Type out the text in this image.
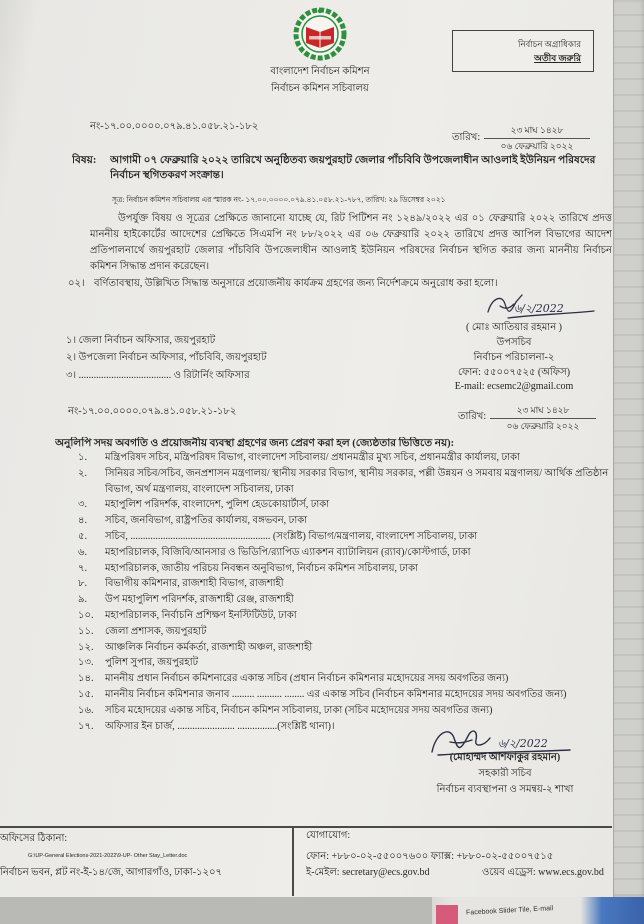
বাংলাদেশ নির্বাচন কমিশন
নির্বাচন কমিশন সচিবালয়
নির্বাচন অগ্রাধিকার
অতীব জরুরি
নং-১৭.০০.০০০০.০৭৯.৪১.০৫৮.২১-১৮২
তারিখ:
২৩ মাঘ ১৪২৮
০৬ ফেব্রুয়ারি ২০২২
বিষয়:	আগামী ০৭ ফেব্রুয়ারি ২০২২ তারিখে অনুষ্ঠিতব্য জয়পুরহাট জেলার পাঁচবিবি উপজেলাধীন আওলাই ইউনিয়ন পরিষদের নির্বাচন স্থগিতকরণ সংক্রান্ত।
সূত্র: নির্বাচন কমিশন সচিবালয় এর স্মারক নং- ১৭.০০.০০০০.০৭৯.৪১.০৫৮.২১-৭৮৭, তারিখ: ২৯ ডিসেম্বর ২০২১
উপর্যুক্ত বিষয় ও সূত্রের প্রেক্ষিতে জানানো যাচ্ছে যে, রিট পিটিশন নং ১২৪৯/২০২২ এর ০১ ফেব্রুয়ারি ২০২২ তারিখে প্রদত্ত মাননীয় হাইকোর্টের আদেশের প্রেক্ষিতে সিএমপি নং ৮৮/২০২২ এর ০৬ ফেব্রুয়ারি ২০২২ তারিখে প্রদত্ত আপিল বিভাগের আদেশ প্রতিপালনার্থে জয়পুরহাট জেলার পাঁচবিবি উপজেলাধীন আওলাই ইউনিয়ন পরিষদের নির্বাচন স্থগিত করার জন্য মাননীয় নির্বাচন কমিশন সিদ্ধান্ত প্রদান করেছেন।
০২। বর্ণিতাবস্থায়, উল্লিখিত সিদ্ধান্ত অনুসারে প্রয়োজনীয় কার্যক্রম গ্রহণের জন্য নির্দেশক্রমে অনুরোধ করা হলো।
৬/২/2022
( মোঃ আতিয়ার রহমান )
উপসচিব
নির্বাচন পরিচালনা-২
ফোন: ৫৫০০৭৫২৫ (অফিস)
E-mail: ecsemc2@gmail.com
১। জেলা নির্বাচন অফিসার, জয়পুরহাট
২। উপজেলা নির্বাচন অফিসার, পাঁচবিবি, জয়পুরহাট
৩। ..................................... ও রিটার্নিং অফিসার
নং-১৭.০০.০০০০.০৭৯.৪১.০৫৮.২১-১৮২	তারিখ:
২৩ মাঘ ১৪২৮
০৬ ফেব্রুয়ারি ২০২২
অনুলিপি সদয় অবগতি ও প্রয়োজনীয় ব্যবস্থা গ্রহণের জন্য প্রেরণ করা হল (জ্যেষ্ঠতার ভিত্তিতে নয়):
১.	মন্ত্রিপরিষদ সচিব, মন্ত্রিপরিষদ বিভাগ, বাংলাদেশ সচিবালয়/ প্রধানমন্ত্রীর মুখ্য সচিব, প্রধানমন্ত্রীর কার্যালয়, ঢাকা
২.	সিনিয়র সচিব/সচিব, জনপ্রশাসন মন্ত্রণালয়/ স্থানীয় সরকার বিভাগ, স্থানীয় সরকার, পল্লী উন্নয়ন ও সমবায় মন্ত্রণালয়/ আর্থিক প্রতিষ্ঠান বিভাগ, অর্থ মন্ত্রণালয়, বাংলাদেশ সচিবালয়, ঢাকা
৩.	মহাপুলিশ পরিদর্শক, বাংলাদেশ, পুলিশ হেডকোয়ার্টার্স, ঢাকা
৪.	সচিব, জনবিভাগ, রাষ্ট্রপতির কার্যালয়, বঙ্গভবন, ঢাকা
৫.	সচিব, ........................................................ (সংশ্লিষ্ট) বিভাগ/মন্ত্রণালয়, বাংলাদেশ সচিবালয়, ঢাকা
৬.	মহাপরিচালক, বিজিবি/আনসার ও ভিডিপি/র‍্যাপিড এ্যাকশন ব্যাটালিয়ন (র‍্যাব)/কোস্টগার্ড, ঢাকা
৭.	মহাপরিচালক, জাতীয় পরিচয় নিবন্ধন অনুবিভাগ, নির্বাচন কমিশন সচিবালয়, ঢাকা
৮.	বিভাগীয় কমিশনার, রাজশাহী বিভাগ, রাজশাহী
৯.	উপ মহাপুলিশ পরিদর্শক, রাজশাহী রেঞ্জ, রাজশাহী
১০.	মহাপরিচালক, নির্বাচনি প্রশিক্ষণ ইনস্টিটিউট, ঢাকা
১১.	জেলা প্রশাসক, জয়পুরহাট
১২.	আঞ্চলিক নির্বাচন কর্মকর্তা, রাজশাহী অঞ্চল, রাজশাহী
১৩.	পুলিশ সুপার, জয়পুরহাট
১৪.	মাননীয় প্রধান নির্বাচন কমিশনারের একান্ত সচিব (প্রধান নির্বাচন কমিশনার মহোদয়ের সদয় অবগতির জন্য)
১৫.	মাননীয় নির্বাচন কমিশনার জনাব ......... .......... ........ এর একান্ত সচিব (নির্বাচন কমিশনার মহোদয়ের সদয় অবগতির জন্য)
১৬.	সচিব মহোদয়ের একান্ত সচিব, নির্বাচন কমিশন সচিবালয়, ঢাকা (সচিব মহোদয়ের সদয় অবগতির জন্য)
১৭.	অফিসার ইন চার্জ, ....................... ................(সংশ্লিষ্ট থানা)।
৬/২/2022
(মোহাম্মদ আশফাকুর রহমান)
সহকারী সচিব
নির্বাচন ব্যবস্থাপনা ও সমন্বয়-২ শাখা
অফিসের ঠিকানা:
G:\UP-General Elections-2021-2022\9-UP- Other Stay_Letter.doc
নির্বাচন ভবন, প্লট নং-ই-১৪/জে, আগারগাঁও, ঢাকা-১২০৭
যোগাযোগ:
ফোন: +৮৮০-০২-৫৫০০৭৬০০ ফ্যাক্স: +৮৮০-০২-৫৫০০৭৫১৫
ই-মেইল: secretary@ecs.gov.bd	ওয়েব এড্রেস: www.ecs.gov.bd
Facebook Slider Tile, E-mail
